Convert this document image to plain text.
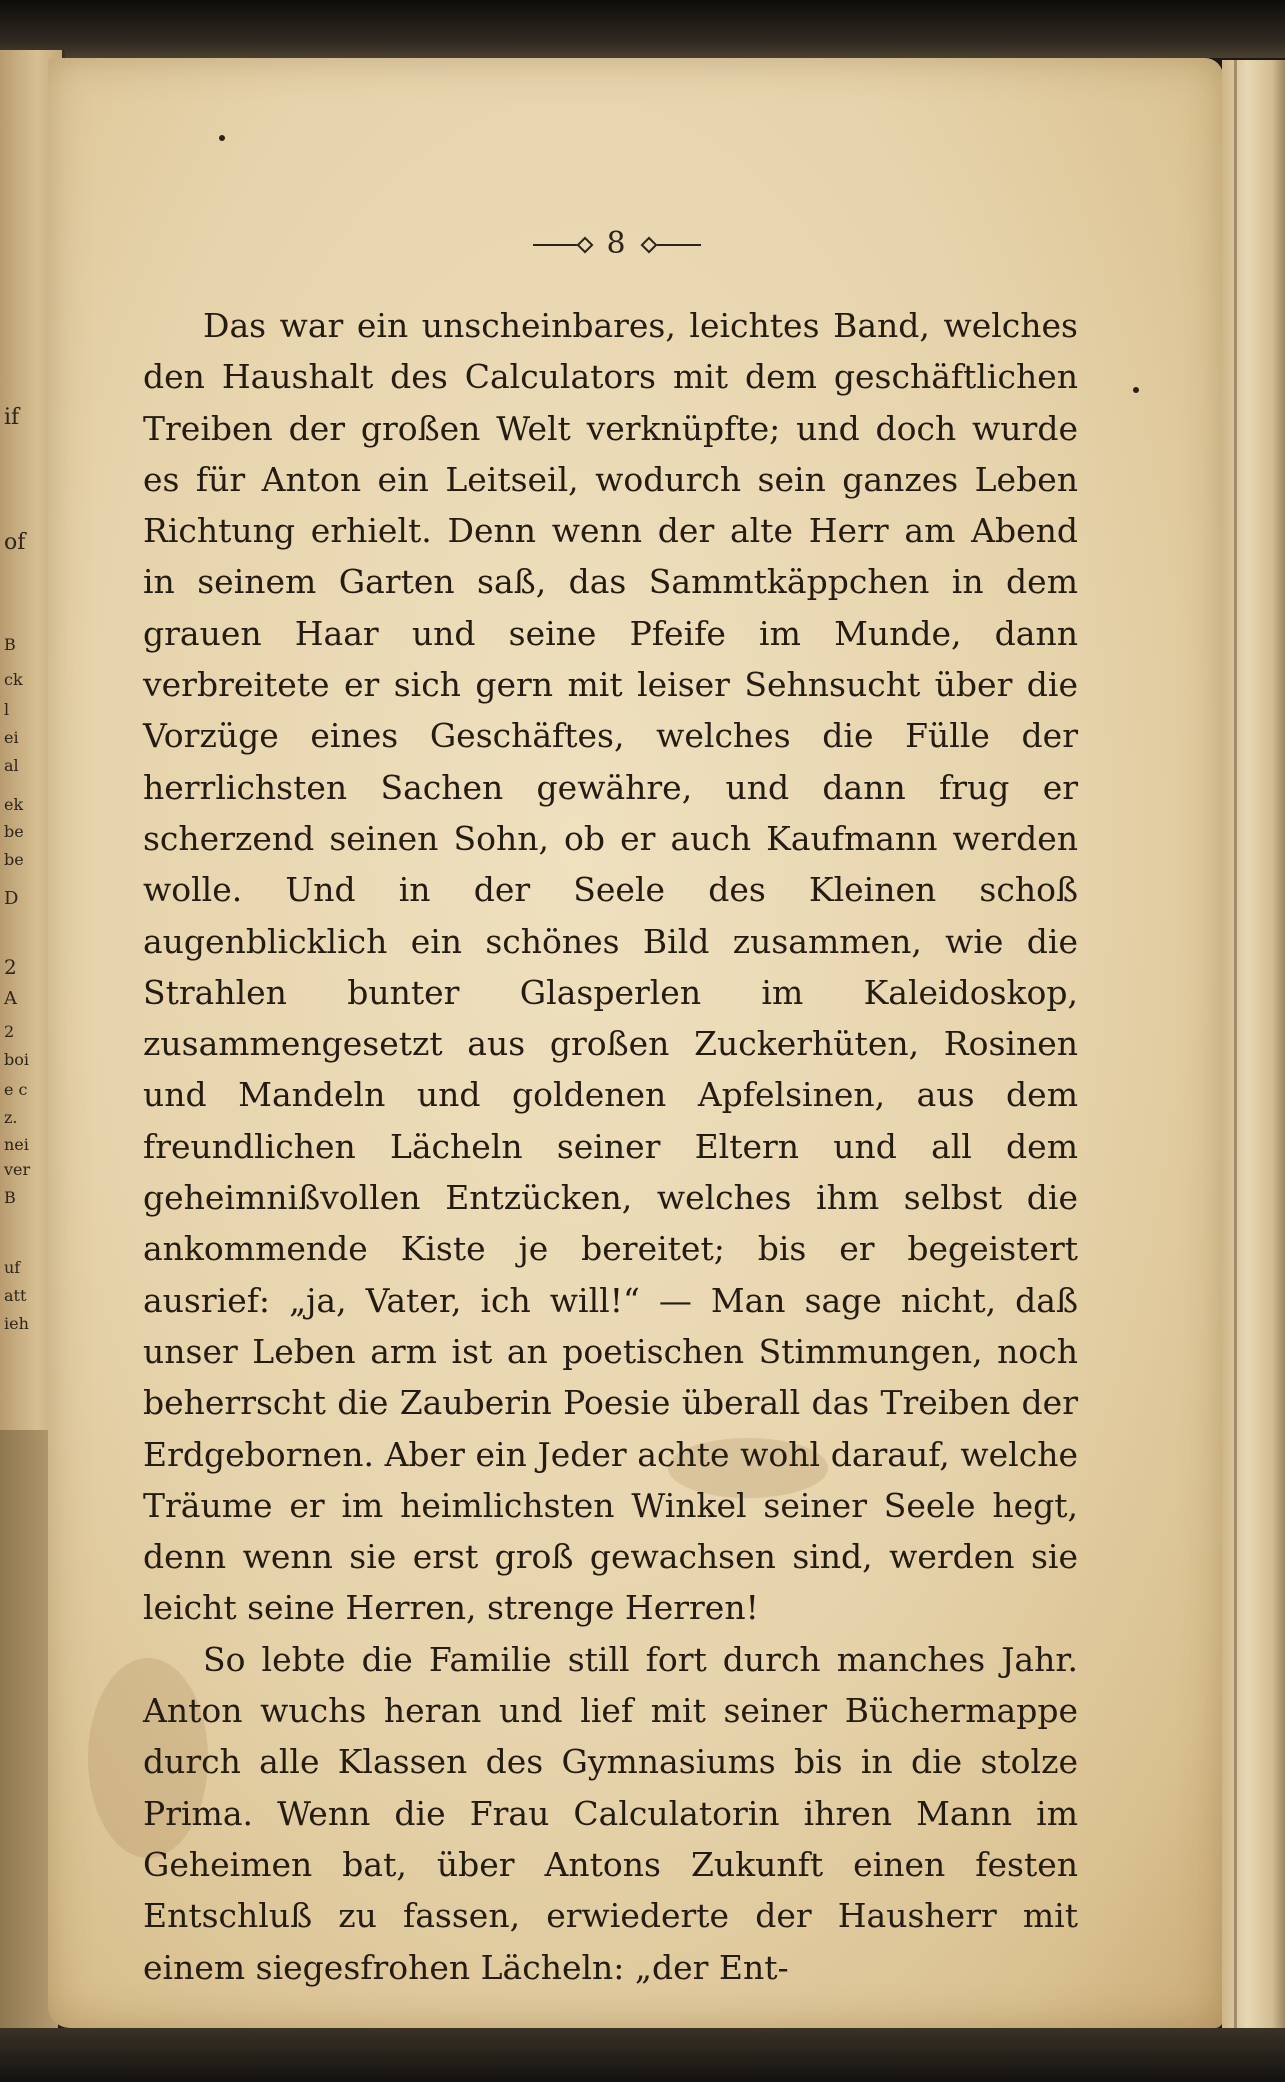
if
of
B
ck
l
ei
al
ek
be
be
D
2
A
2
boi
e c
z.
nei
ver
B
uf
att
ieh
8

Das war ein unscheinbares, leichtes Band, welches den Haushalt des Calculators mit dem geschäftlichen Treiben der großen Welt verknüpfte; und doch wurde es für Anton ein Leitseil, wodurch sein ganzes Leben Richtung erhielt. Denn wenn der alte Herr am Abend in seinem Garten saß, das Sammtkäppchen in dem grauen Haar und seine Pfeife im Munde, dann verbreitete er sich gern mit leiser Sehnsucht über die Vorzüge eines Geschäftes, welches die Fülle der herrlichsten Sachen gewähre, und dann frug er scherzend seinen Sohn, ob er auch Kaufmann werden wolle. Und in der Seele des Kleinen schoß augenblicklich ein schönes Bild zusammen, wie die Strahlen bunter Glasperlen im Kaleidoskop, zusammengesetzt aus großen Zuckerhüten, Rosinen und Mandeln und goldenen Apfelsinen, aus dem freundlichen Lächeln seiner Eltern und all dem geheimnißvollen Entzücken, welches ihm selbst die ankommende Kiste je bereitet; bis er begeistert ausrief: „ja, Vater, ich will!“ — Man sage nicht, daß unser Leben arm ist an poetischen Stimmungen, noch beherrscht die Zauberin Poesie überall das Treiben der Erdgebornen. Aber ein Jeder achte wohl darauf, welche Träume er im heimlichsten Winkel seiner Seele hegt, denn wenn sie erst groß gewachsen sind, werden sie leicht seine Herren, strenge Herren!

So lebte die Familie still fort durch manches Jahr. Anton wuchs heran und lief mit seiner Büchermappe durch alle Klassen des Gymnasiums bis in die stolze Prima. Wenn die Frau Calculatorin ihren Mann im Geheimen bat, über Antons Zukunft einen festen Entschluß zu fassen, erwiederte der Hausherr mit einem siegesfrohen Lächeln: „der Ent-
